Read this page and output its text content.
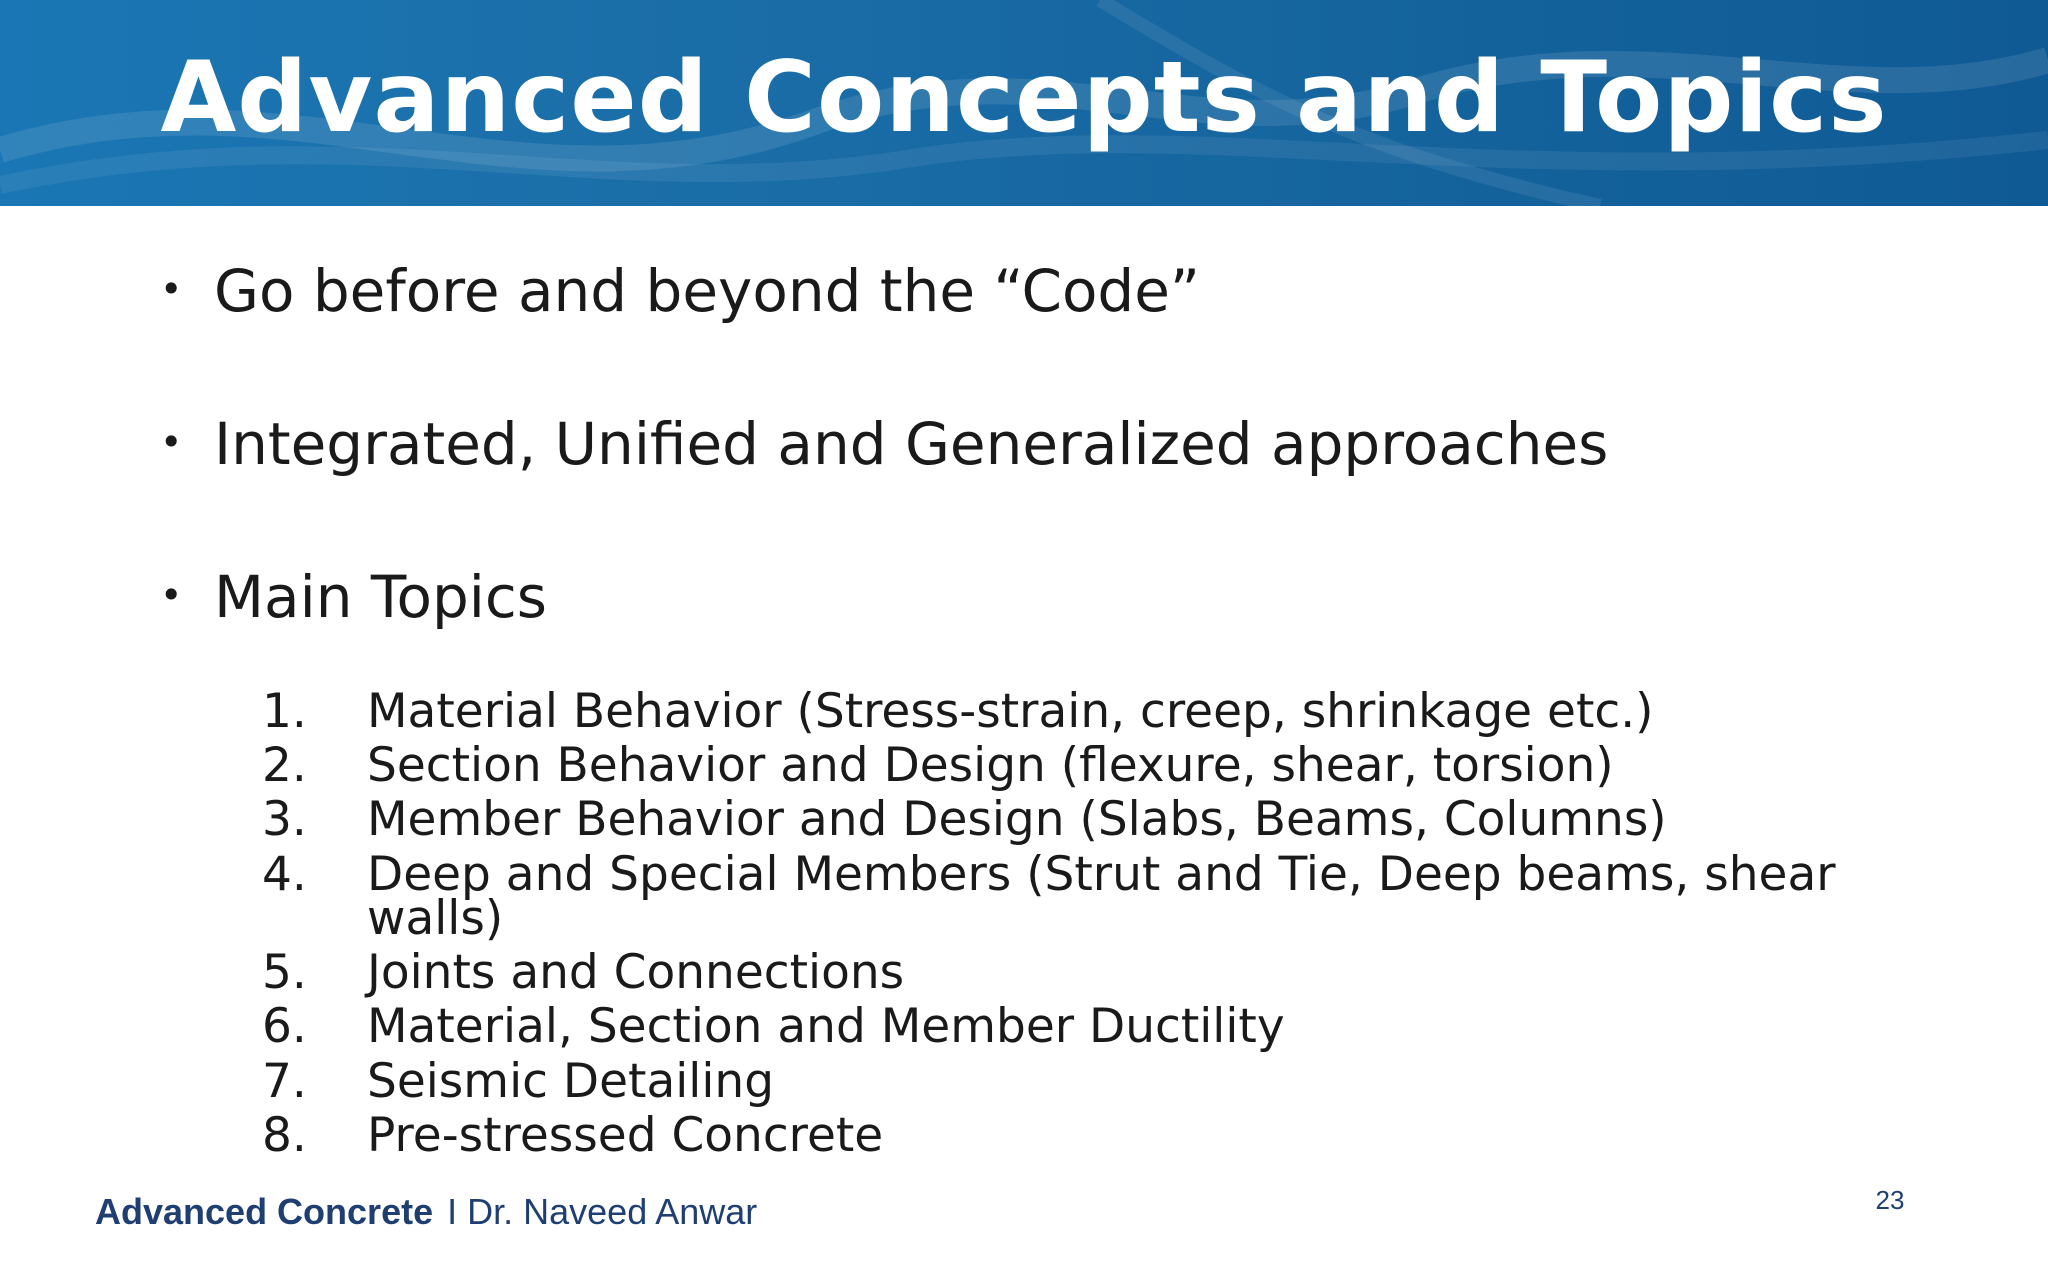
Advanced Concepts and Topics
• Go before and beyond the “Code”
• Integrated, Unified and Generalized approaches
• Main Topics
1.	Material Behavior (Stress-strain, creep, shrinkage etc.)
2.	Section Behavior and Design (flexure, shear, torsion)
3.	Member Behavior and Design (Slabs, Beams, Columns)
4.	Deep and Special Members (Strut and Tie, Deep beams, shear walls)
5.	Joints and Connections
6.	Material, Section and Member Ductility
7.	Seismic Detailing
8.	Pre-stressed Concrete
Advanced Concrete I Dr. Naveed Anwar	23
